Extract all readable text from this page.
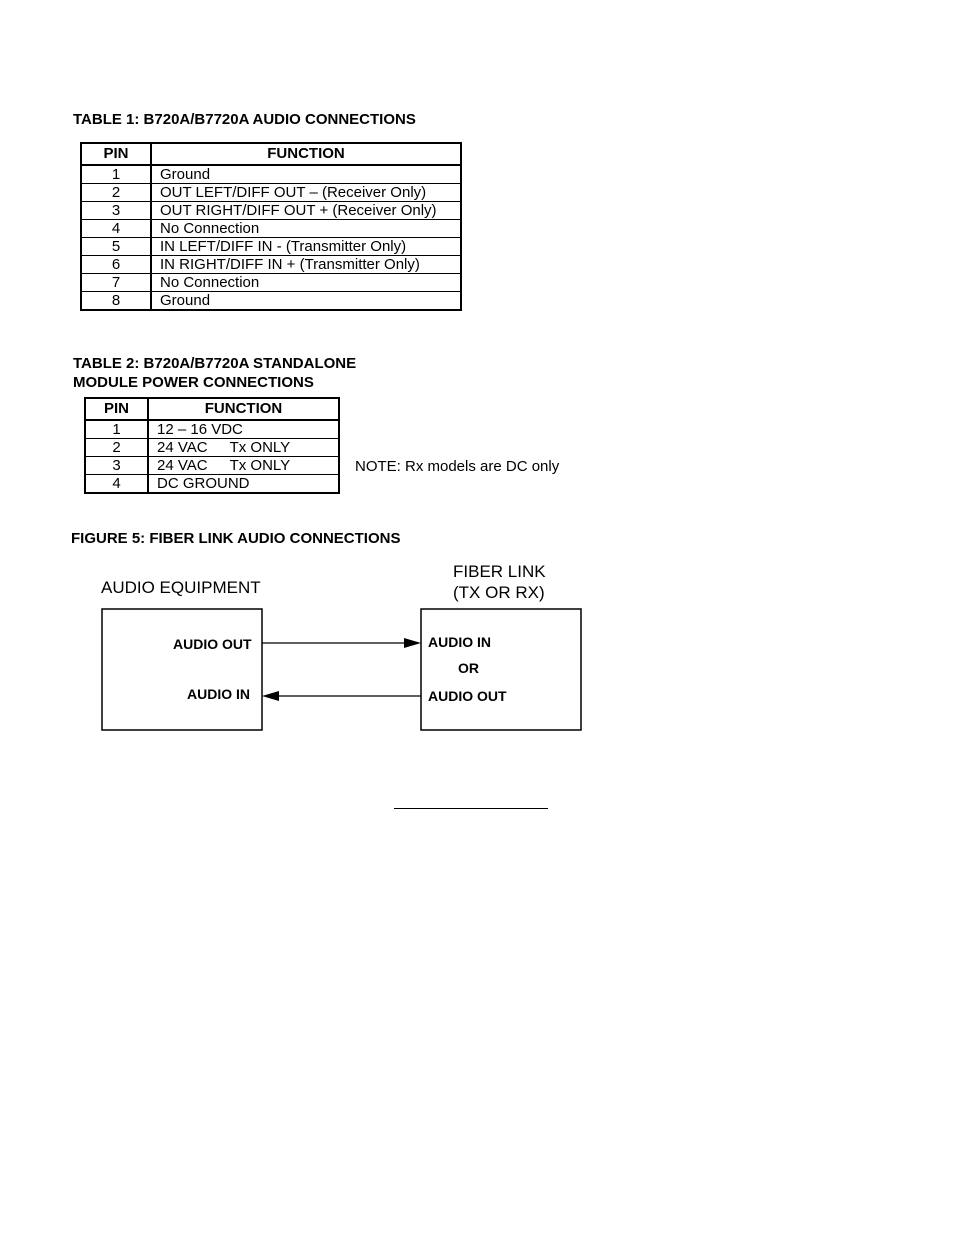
TABLE 1: B720A/B7720A AUDIO CONNECTIONS
PIN	FUNCTION
1	Ground
2	OUT LEFT/DIFF OUT – (Receiver Only)
3	OUT RIGHT/DIFF OUT + (Receiver Only)
4	No Connection
5	IN LEFT/DIFF IN - (Transmitter Only)
6	IN RIGHT/DIFF IN + (Transmitter Only)
7	No Connection
8	Ground
TABLE 2: B720A/B7720A STANDALONE
MODULE POWER CONNECTIONS
PIN	FUNCTION
1	12 – 16 VDC
2	24 VAC Tx ONLY
3	24 VAC Tx ONLY
4	DC GROUND
NOTE: Rx models are DC only
FIGURE 5: FIBER LINK AUDIO CONNECTIONS
AUDIO EQUIPMENT
FIBER LINK
(TX OR RX)
AUDIO OUT
AUDIO IN
AUDIO IN
OR
AUDIO OUT
